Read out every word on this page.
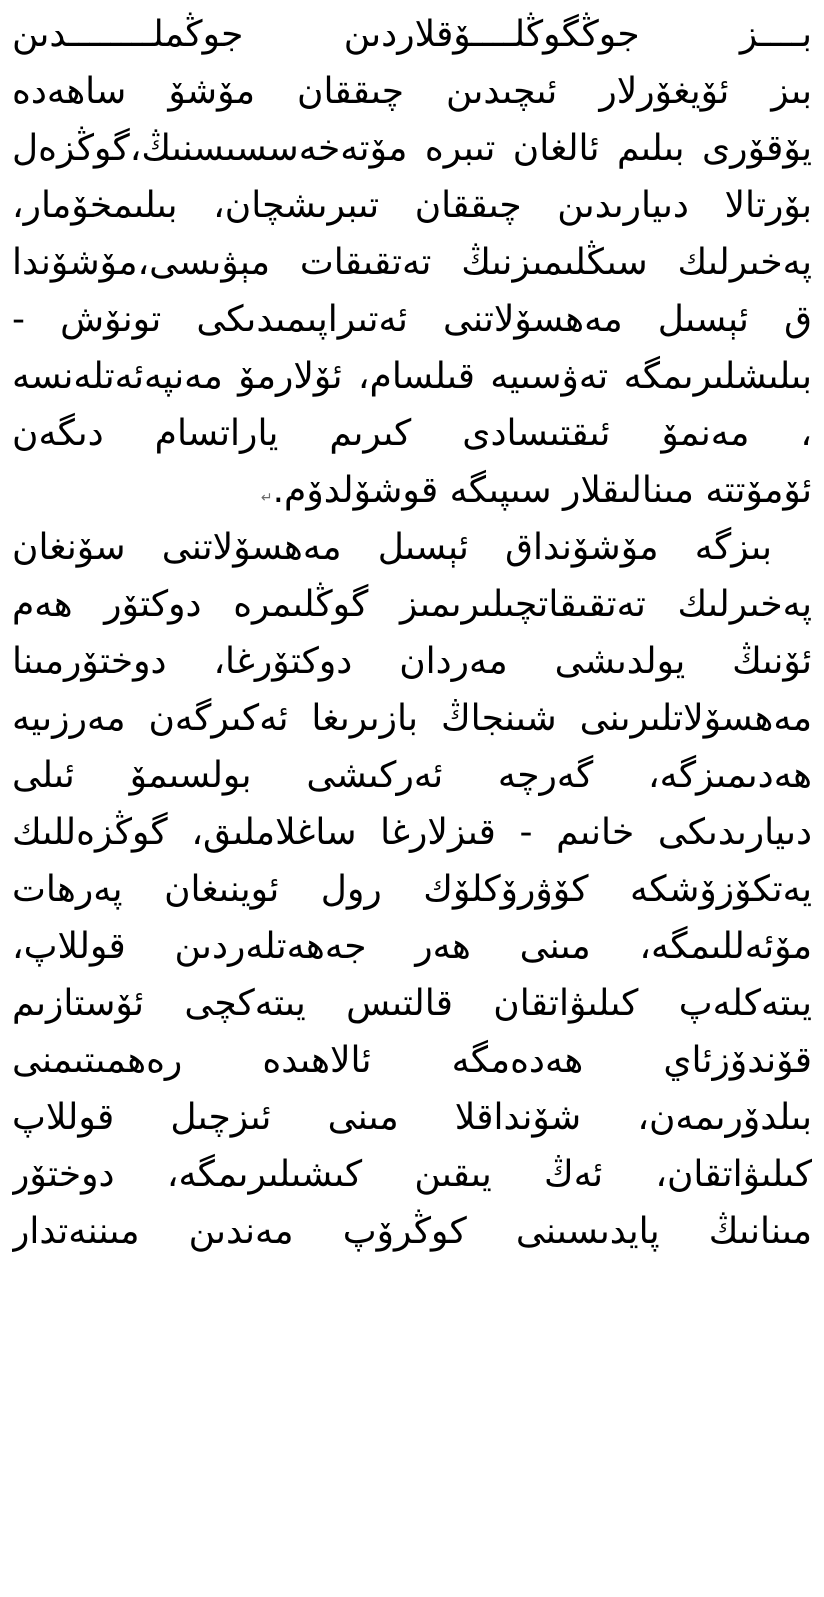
بــــز جوڭگوڭلــــۆقلاردىن جوڭملــــــــدىن
بىز ئۆيغۆرلار ئىچىدىن چىققان مۆشۆ ساھەدە
يۆقۆرى بىلىم ئالغان تىبرە مۆتەخەسسىسنىڭ،گوڭزەل
بۆرتالا دىيارىدىن چىققان تىبرىشچان، بىلىمخۆمار،
پەخىرلىك سىڭلىمىزنىڭ تەتقىقات مېۋىسى،مۆشۆندا
ق ئېسىل مەھسۆلاتنى ئەتىراپىمىدىكى تونۆش -
بىلىشلىرىمگە تەۋسىيە قىلسام، ئۆلارمۆ مەنپەئەتلەنسە
، مەنمۆ ئىقتىسادى كىرىم ياراتسام دىگەن
ئۆمۆتتە مىنالىقلار سىپىگە قوشۆلدۆم.↵
بىزگە مۆشۆنداق ئېسىل مەھسۆلاتنى سۆنغان
پەخىرلىك تەتقىقاتچىلىرىمىز گوڭلىمرە دوكتۆر ھەم
ئۆنىڭ يولدىشى مەردان دوكتۆرغا، دوختۆرمىنا
مەھسۆلاتلىرىنى شىنجاڭ بازىرىغا ئەكىرگەن مەرزىيە
ھەدىمىزگە، گەرچە ئەركىشى بولسىمۆ ئىلى
دىيارىدىكى خانىم - قىزلارغا ساغلاملىق، گوڭزەللىك
يەتكۆزۆشكە كۆۋرۆكلۆك رول ئوينىغان پەرھات
مۆئەللىمگە، مىنى ھەر جەھەتلەردىن قوللاپ،
يىتەكلەپ كىلىۋاتقان قالتىس يىتەكچى ئۆستازىم
قۆندۆزئاي ھەدەمگە ئالاھىدە رەھمىتىمنى
بىلدۆرىمەن، شۆنداقلا مىنى ئىزچىل قوللاپ
كىلىۋاتقان، ئەڭ يىقىن كىشىلىرىمگە، دوختۆر
مىنانىڭ پايدىسىنى كوڭرۆپ مەندىن مىننەتدار
